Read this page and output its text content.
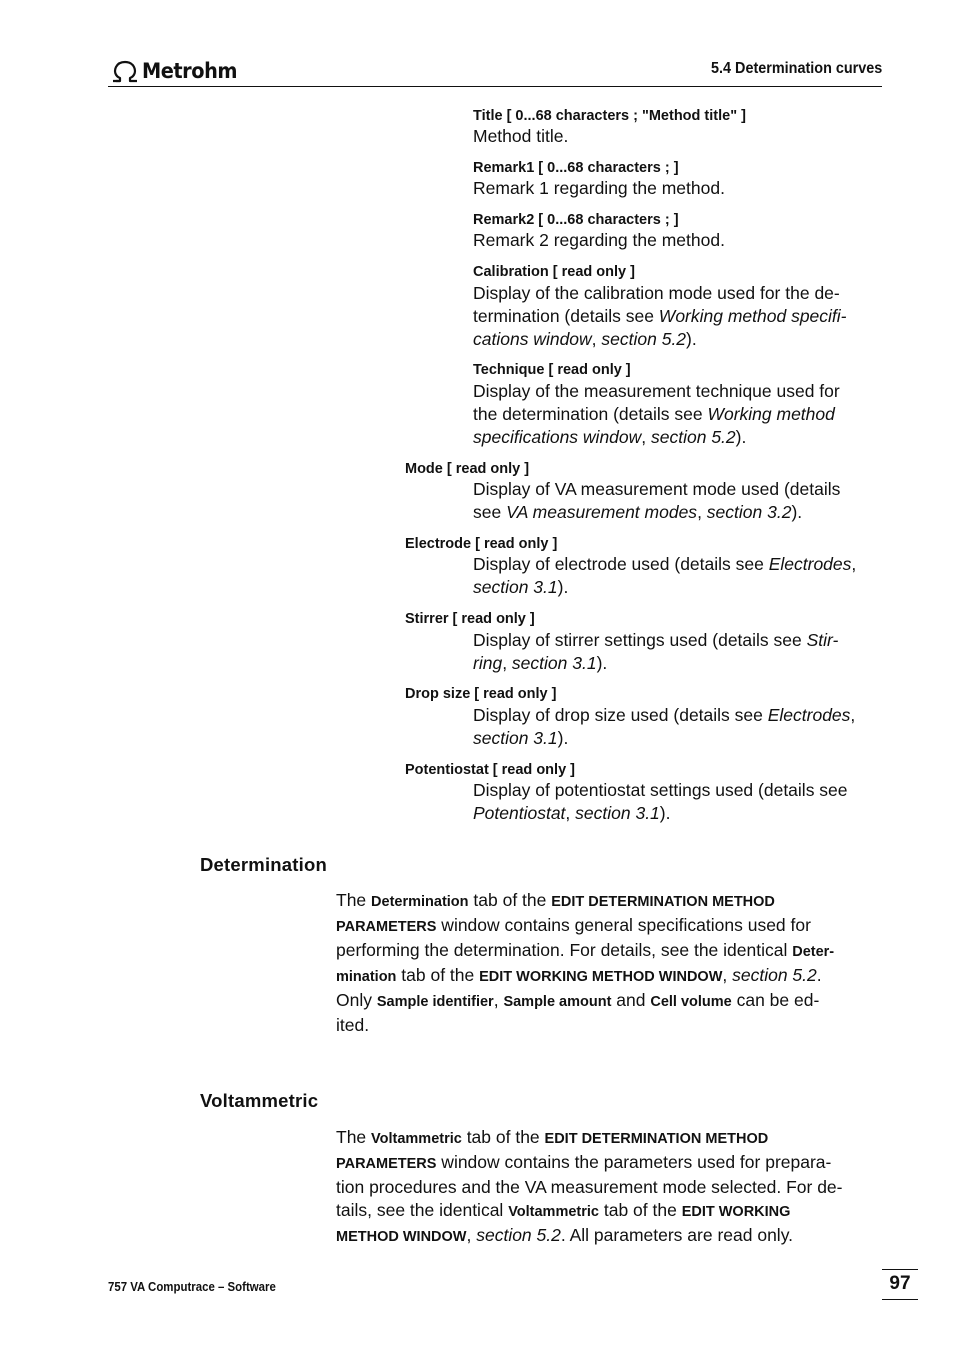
Metrohm	5.4 Determination curves
Title [ 0...68 characters ; "Method title" ]
Method title.
Remark1 [ 0...68 characters ; ]
Remark 1 regarding the method.
Remark2 [ 0...68 characters ; ]
Remark 2 regarding the method.
Calibration [ read only ]
Display of the calibration mode used for the de-
termination (details see Working method specifi-
cations window, section 5.2).
Technique [ read only ]
Display of the measurement technique used for
the determination (details see Working method
specifications window, section 5.2).
Mode [ read only ]
Display of VA measurement mode used (details
see VA measurement modes, section 3.2).
Electrode [ read only ]
Display of electrode used (details see Electrodes,
section 3.1).
Stirrer [ read only ]
Display of stirrer settings used (details see Stir-
ring, section 3.1).
Drop size [ read only ]
Display of drop size used (details see Electrodes,
section 3.1).
Potentiostat [ read only ]
Display of potentiostat settings used (details see
Potentiostat, section 3.1).
Determination
The Determination tab of the EDIT DETERMINATION METHOD
PARAMETERS window contains general specifications used for
performing the determination. For details, see the identical Deter-
mination tab of the EDIT WORKING METHOD WINDOW, section 5.2.
Only Sample identifier, Sample amount and Cell volume can be ed-
ited.
Voltammetric
The Voltammetric tab of the EDIT DETERMINATION METHOD
PARAMETERS window contains the parameters used for prepara-
tion procedures and the VA measurement mode selected. For de-
tails, see the identical Voltammetric tab of the EDIT WORKING
METHOD WINDOW, section 5.2. All parameters are read only.
757 VA Computrace – Software	97
